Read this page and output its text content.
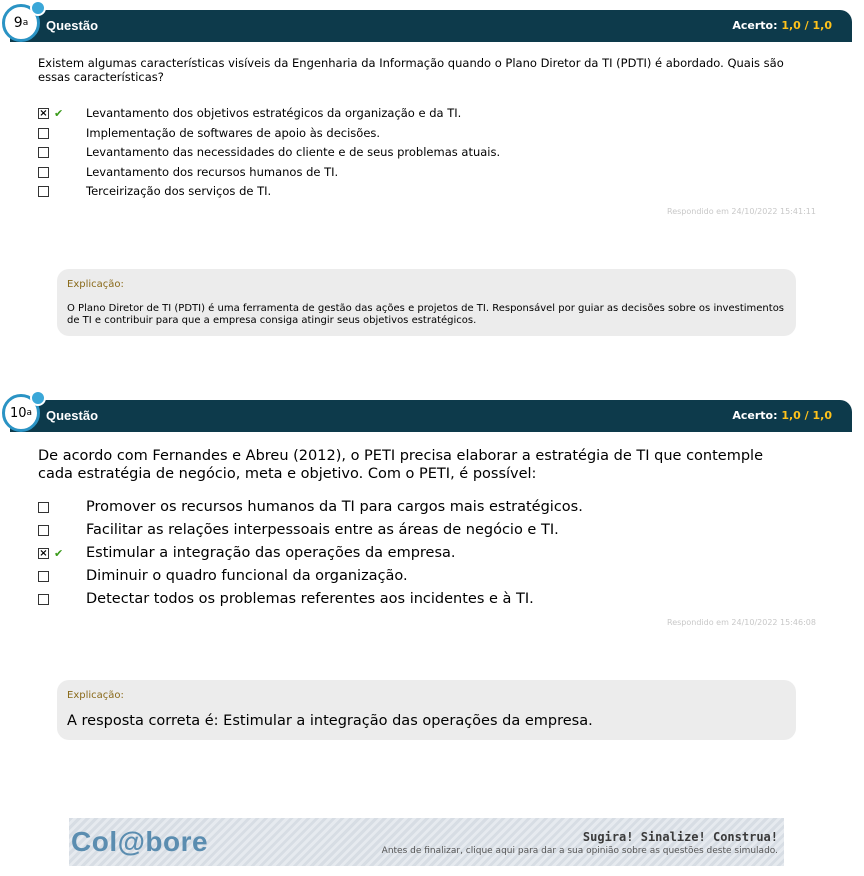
9 a Questão	Acerto: 1,0 / 1,0
Existem algumas características visíveis da Engenharia da Informação quando o Plano Diretor da TI (PDTI) é abordado. Quais são essas características?
× ✔ Levantamento dos objetivos estratégicos da organização e da TI.
Implementação de softwares de apoio às decisões.
Levantamento das necessidades do cliente e de seus problemas atuais.
Levantamento dos recursos humanos de TI.
Terceirização dos serviços de TI.
Respondido em 24/10/2022 15:41:11
Explicação:
O Plano Diretor de TI (PDTI) é uma ferramenta de gestão das ações e projetos de TI. Responsável por guiar as decisões sobre os investimentos de TI e contribuir para que a empresa consiga atingir seus objetivos estratégicos.
10 a Questão	Acerto: 1,0 / 1,0
De acordo com Fernandes e Abreu (2012), o PETI precisa elaborar a estratégia de TI que contemple cada estratégia de negócio, meta e objetivo. Com o PETI, é possível:
Promover os recursos humanos da TI para cargos mais estratégicos.
Facilitar as relações interpessoais entre as áreas de negócio e TI.
× ✔ Estimular a integração das operações da empresa.
Diminuir o quadro funcional da organização.
Detectar todos os problemas referentes aos incidentes e à TI.
Respondido em 24/10/2022 15:46:08
Explicação:
A resposta correta é: Estimular a integração das operações da empresa.
Col@bore	Sugira! Sinalize! Construa!
Antes de finalizar, clique aqui para dar a sua opinião sobre as questões deste simulado.
